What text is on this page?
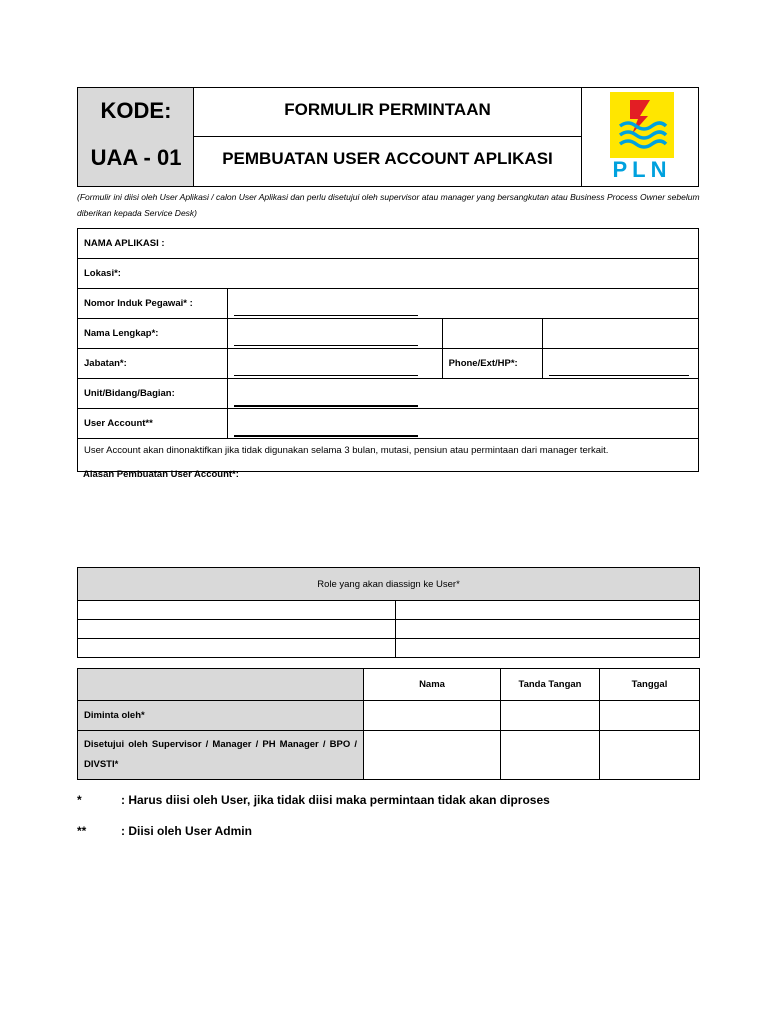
KODE:
UAA - 01
FORMULIR PERMINTAAN
PEMBUATAN USER ACCOUNT APLIKASI	PLN
(Formulir ini diisi oleh User Aplikasi / calon User Aplikasi dan perlu disetujui oleh supervisor atau manager yang bersangkutan atau Business Process Owner sebelum diberikan kepada Service Desk)
NAMA APLIKASI :			
Lokasi*:			
Nomor Induk Pegawai* :			

Nama Lengkap*:	

Jabatan*:		Phone/Ext/HP*:	

Unit/Bidang/Bagian:			

User Account**			

User Account akan dinonaktifkan jika tidak digunakan selama 3 bulan, mutasi, pensiun atau permintaan dari manager terkait.			
Alasan Pembuatan User Account*:
Role yang akan diassign ke User*	

	Nama	Tanda Tangan	Tanggal
Diminta oleh*			

Disetujui oleh Supervisor / Manager / PH Manager / BPO / DIVSTI*			

*	: Harus diisi oleh User, jika tidak diisi maka permintaan tidak akan diproses
**	: Diisi oleh User Admin
